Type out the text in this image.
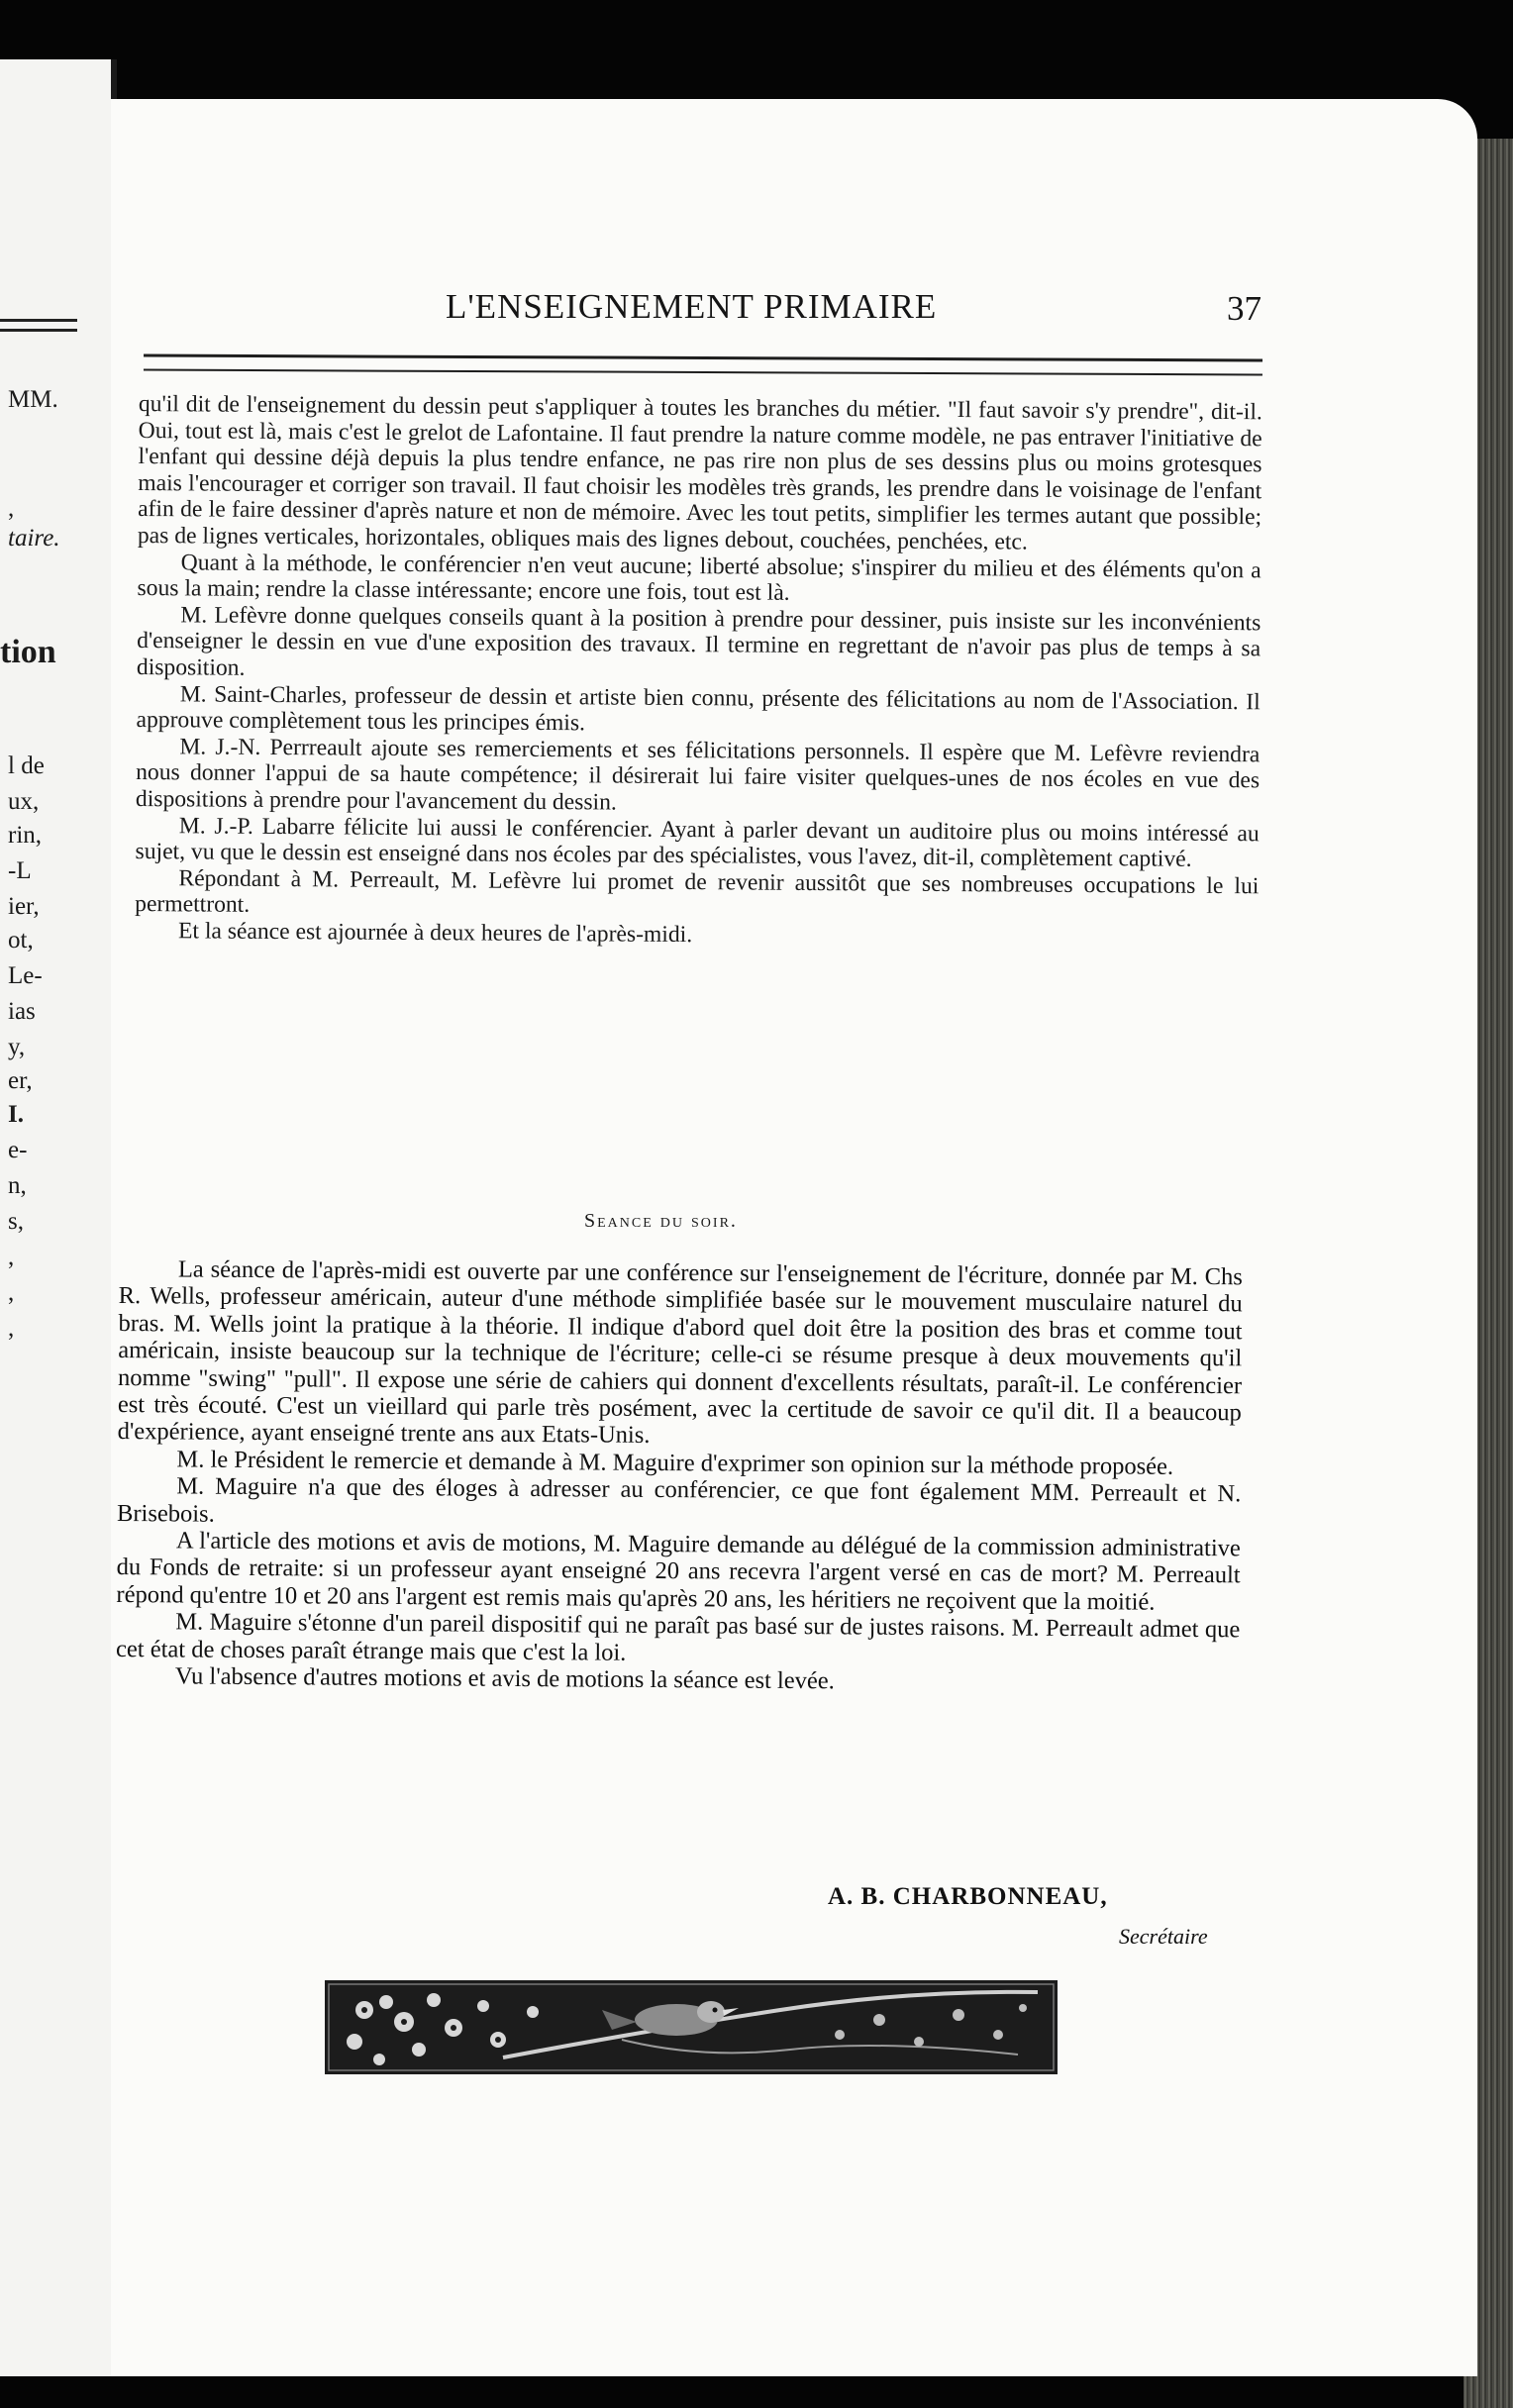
MM.
,
taire.
tion
l de
ux,
rin,
-L
ier,
ot,
Le-
ias
y,
er,
I.
e-
n,
s,
,
,
,
L'ENSEIGNEMENT PRIMAIRE	37

qu'il dit de l'enseignement du dessin peut s'appliquer à toutes les branches du métier. "Il faut savoir s'y prendre", dit-il. Oui, tout est là, mais c'est le grelot de Lafontaine. Il faut prendre la nature comme modèle, ne pas entraver l'initiative de l'enfant qui dessine déjà depuis la plus tendre enfance, ne pas rire non plus de ses dessins plus ou moins grotesques mais l'encourager et corriger son travail. Il faut choisir les modèles très grands, les prendre dans le voisinage de l'enfant afin de le faire dessiner d'après nature et non de mémoire. Avec les tout petits, simplifier les termes autant que possible; pas de lignes verticales, horizontales, obliques mais des lignes debout, couchées, penchées, etc.

Quant à la méthode, le conférencier n'en veut aucune; liberté absolue; s'inspirer du milieu et des éléments qu'on a sous la main; rendre la classe intéressante; encore une fois, tout est là.

M. Lefèvre donne quelques conseils quant à la position à prendre pour dessiner, puis insiste sur les inconvénients d'enseigner le dessin en vue d'une exposition des travaux. Il termine en regrettant de n'avoir pas plus de temps à sa disposition.

M. Saint-Charles, professeur de dessin et artiste bien connu, présente des félicitations au nom de l'Association. Il approuve complètement tous les principes émis.

M. J.-N. Perrreault ajoute ses remerciements et ses félicitations personnels. Il espère que M. Lefèvre reviendra nous donner l'appui de sa haute compétence; il désirerait lui faire visiter quelques-unes de nos écoles en vue des dispositions à prendre pour l'avancement du dessin.

M. J.-P. Labarre félicite lui aussi le conférencier. Ayant à parler devant un auditoire plus ou moins intéressé au sujet, vu que le dessin est enseigné dans nos écoles par des spécialistes, vous l'avez, dit-il, complètement captivé.

Répondant à M. Perreault, M. Lefèvre lui promet de revenir aussitôt que ses nombreuses occupations le lui permettront.

Et la séance est ajournée à deux heures de l'après-midi.

Seance du soir.

La séance de l'après-midi est ouverte par une conférence sur l'enseignement de l'écriture, donnée par M. Chs R. Wells, professeur américain, auteur d'une méthode simplifiée basée sur le mouvement musculaire naturel du bras. M. Wells joint la pratique à la théorie. Il indique d'abord quel doit être la position des bras et comme tout américain, insiste beaucoup sur la technique de l'écriture; celle-ci se résume presque à deux mouvements qu'il nomme "swing" "pull". Il expose une série de cahiers qui donnent d'excellents résultats, paraît-il. Le conférencier est très écouté. C'est un vieillard qui parle très posément, avec la certitude de savoir ce qu'il dit. Il a beaucoup d'expérience, ayant enseigné trente ans aux Etats-Unis.

M. le Président le remercie et demande à M. Maguire d'exprimer son opinion sur la méthode proposée.

M. Maguire n'a que des éloges à adresser au conférencier, ce que font également MM. Perreault et N. Brisebois.

A l'article des motions et avis de motions, M. Maguire demande au délégué de la commission administrative du Fonds de retraite: si un professeur ayant enseigné 20 ans recevra l'argent versé en cas de mort? M. Perreault répond qu'entre 10 et 20 ans l'argent est remis mais qu'après 20 ans, les héritiers ne reçoivent que la moitié.

M. Maguire s'étonne d'un pareil dispositif qui ne paraît pas basé sur de justes raisons. M. Perreault admet que cet état de choses paraît étrange mais que c'est la loi.

Vu l'absence d'autres motions et avis de motions la séance est levée.

A. B. CHARBONNEAU,
Secrétaire
